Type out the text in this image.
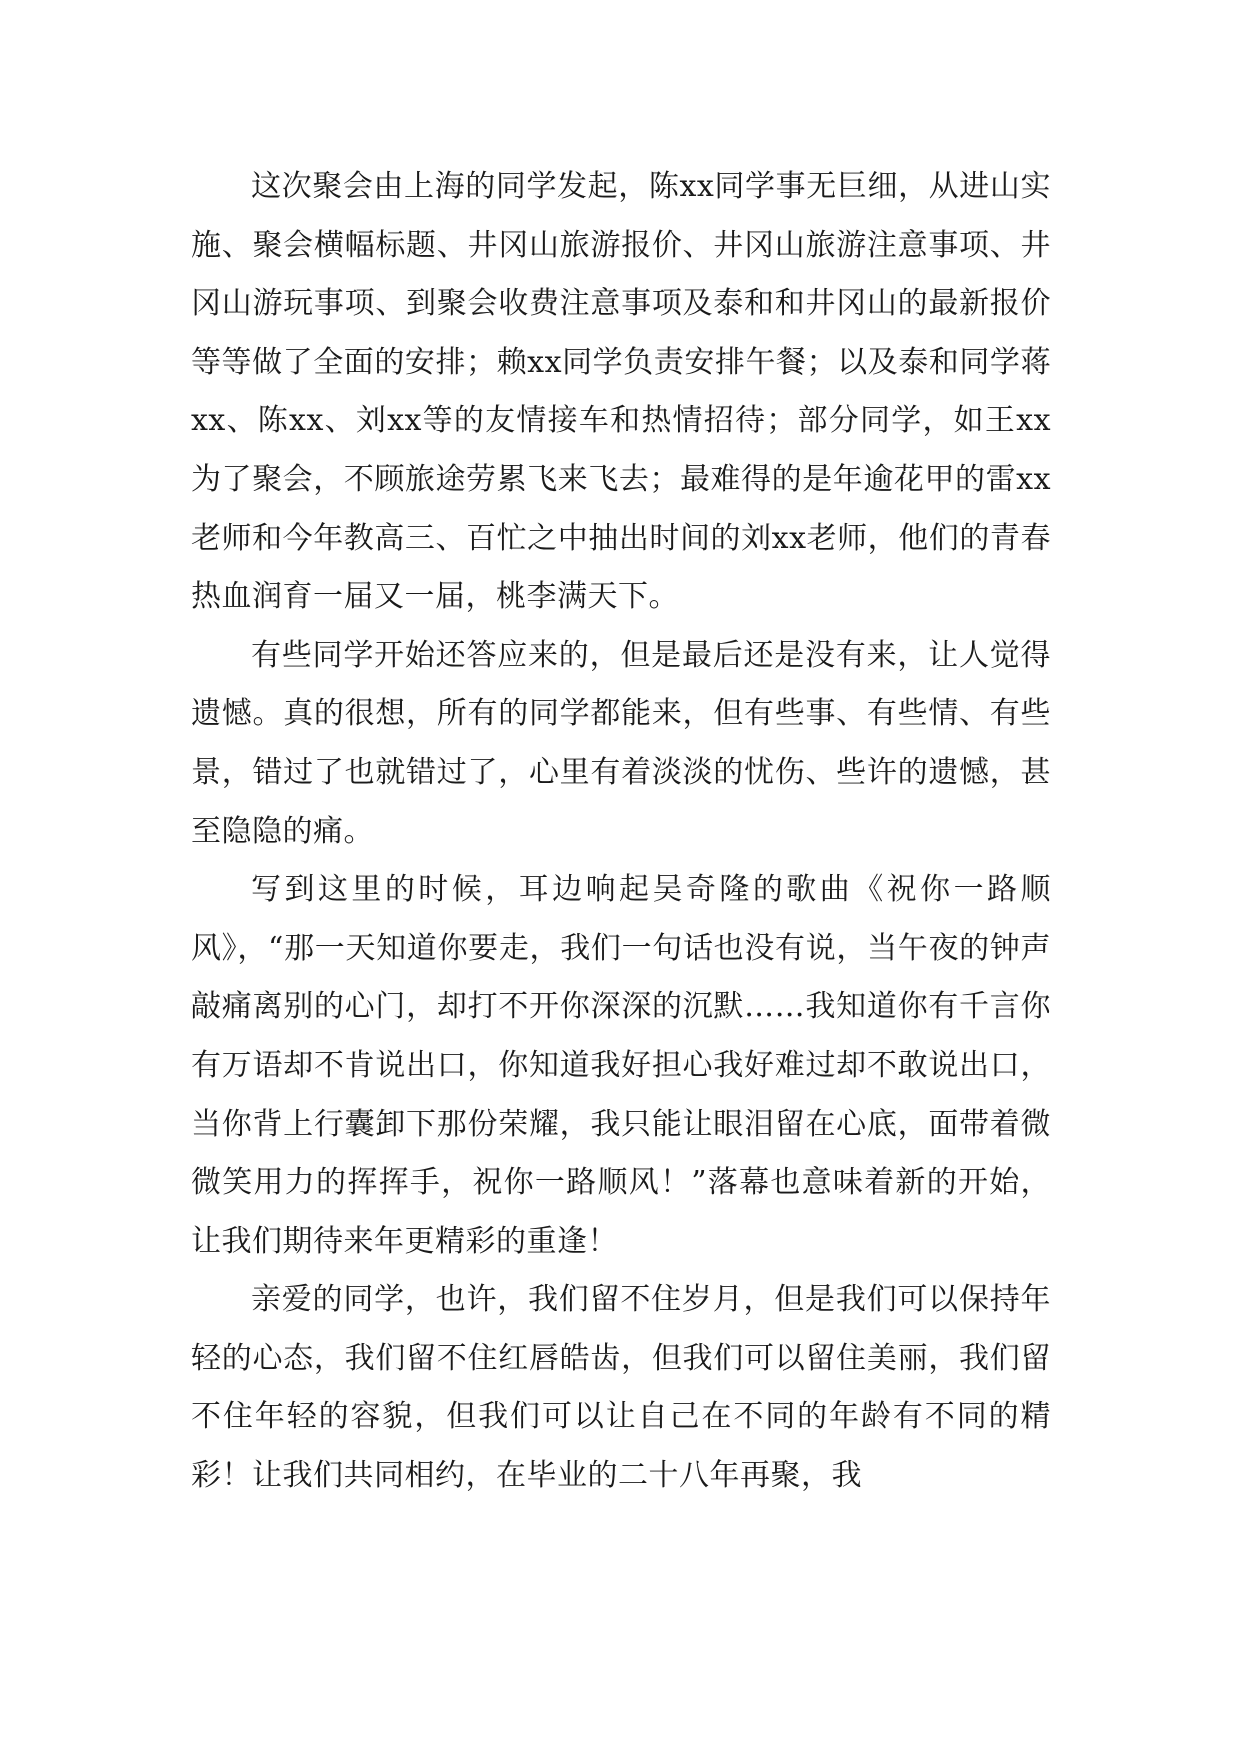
这次聚会由上海的同学发起，陈xx同学事无巨细，从进山实施、聚会横幅标题、井冈山旅游报价、井冈山旅游注意事项、井冈山游玩事项、到聚会收费注意事项及泰和和井冈山的最新报价等等做了全面的安排；赖xx同学负责安排午餐；以及泰和同学蒋xx、陈xx、刘xx等的友情接车和热情招待；部分同学，如王xx为了聚会，不顾旅途劳累飞来飞去；最难得的是年逾花甲的雷xx老师和今年教高三、百忙之中抽出时间的刘xx老师，他们的青春热血润育一届又一届，桃李满天下。

有些同学开始还答应来的，但是最后还是没有来，让人觉得遗憾。真的很想，所有的同学都能来，但有些事、有些情、有些景，错过了也就错过了，心里有着淡淡的忧伤、些许的遗憾，甚至隐隐的痛。

写到这里的时候，耳边响起吴奇隆的歌曲《祝你一路顺风》，“那一天知道你要走，我们一句话也没有说，当午夜的钟声敲痛离别的心门，却打不开你深深的沉默……我知道你有千言你有万语却不肯说出口，你知道我好担心我好难过却不敢说出口，当你背上行囊卸下那份荣耀，我只能让眼泪留在心底，面带着微微笑用力的挥挥手，祝你一路顺风！”落幕也意味着新的开始，让我们期待来年更精彩的重逢！

亲爱的同学，也许，我们留不住岁月，但是我们可以保持年轻的心态，我们留不住红唇皓齿，但我们可以留住美丽，我们留不住年轻的容貌，但我们可以让自己在不同的年龄有不同的精彩！让我们共同相约，在毕业的二十八年再聚，我
